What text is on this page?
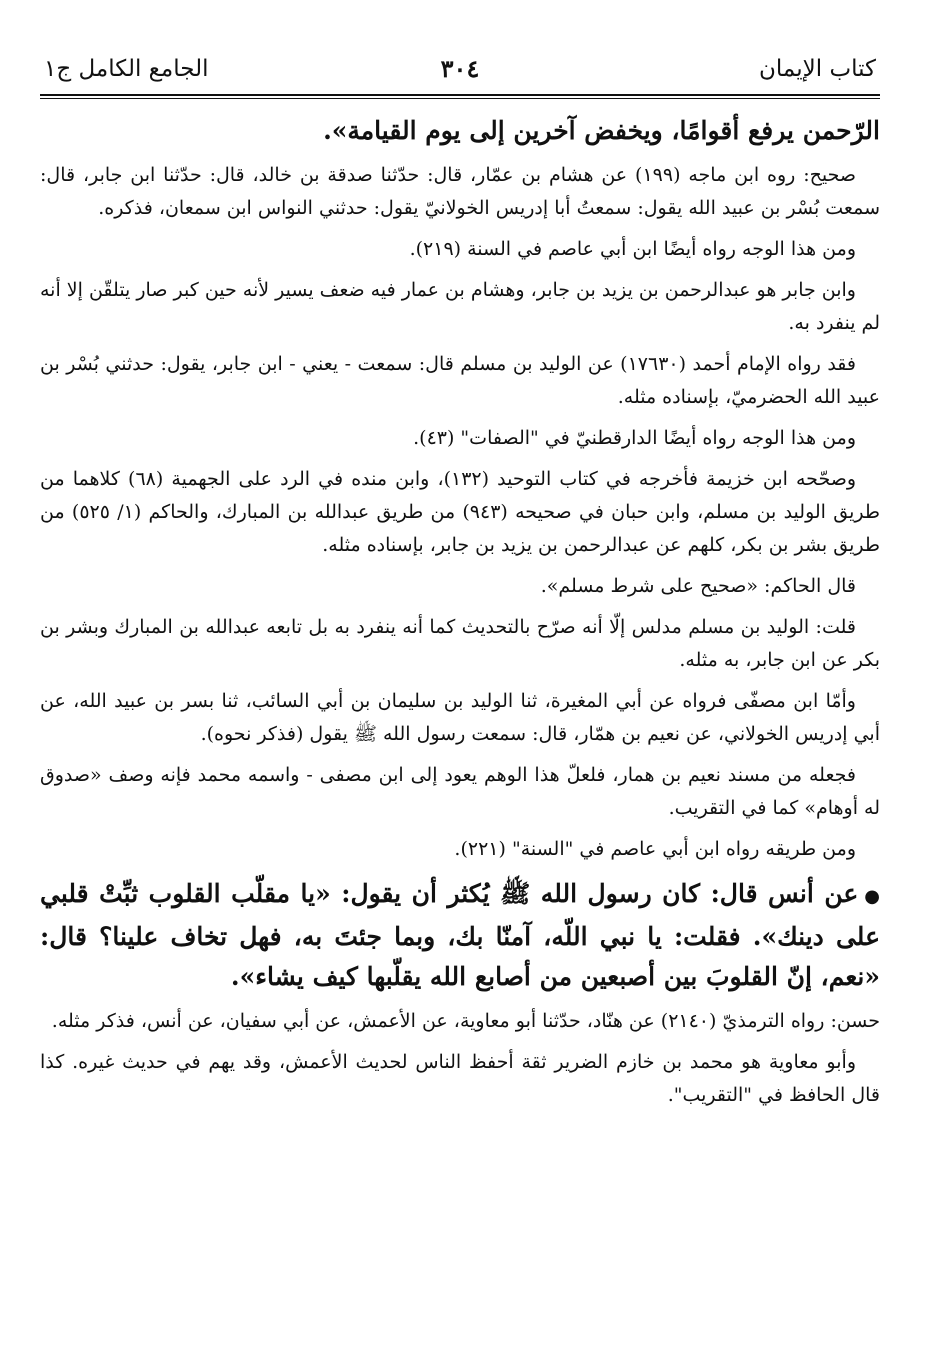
كتاب الإيمان
٣٠٤
الجامع الكامل ج١

الرّحمن يرفع أقوامًا، ويخفض آخرين إلى يوم القيامة».

صحيح: روه ابن ماجه (١٩٩) عن هشام بن عمّار، قال: حدّثنا صدقة بن خالد، قال: حدّثنا ابن جابر، قال: سمعت بُسْر بن عبيد الله يقول: سمعتُ أبا إدريس الخولانيّ يقول: حدثني النواس ابن سمعان، فذكره.

ومن هذا الوجه رواه أيضًا ابن أبي عاصم في السنة (٢١٩).

وابن جابر هو عبدالرحمن بن يزيد بن جابر، وهشام بن عمار فيه ضعف يسير لأنه حين كبر صار يتلقّن إلا أنه لم ينفرد به.

فقد رواه الإمام أحمد (١٧٦٣٠) عن الوليد بن مسلم قال: سمعت - يعني - ابن جابر، يقول: حدثني بُسْر بن عبيد الله الحضرميّ، بإسناده مثله.

ومن هذا الوجه رواه أيضًا الدارقطنيّ في "الصفات" (٤٣).

وصحّحه ابن خزيمة فأخرجه في كتاب التوحيد (١٣٢)، وابن منده في الرد على الجهمية (٦٨) كلاهما من طريق الوليد بن مسلم، وابن حبان في صحيحه (٩٤٣) من طريق عبدالله بن المبارك، والحاكم (١/ ٥٢٥) من طريق بشر بن بكر، كلهم عن عبدالرحمن بن يزيد بن جابر، بإسناده مثله.

قال الحاكم: «صحيح على شرط مسلم».

قلت: الوليد بن مسلم مدلس إلّا أنه صرّح بالتحديث كما أنه ينفرد به بل تابعه عبدالله بن المبارك وبشر بن بكر عن ابن جابر، به مثله.

وأمّا ابن مصفّى فرواه عن أبي المغيرة، ثنا الوليد بن سليمان بن أبي السائب، ثنا بسر بن عبيد الله، عن أبي إدريس الخولاني، عن نعيم بن همّار، قال: سمعت رسول الله ﷺ يقول (فذكر نحوه).

فجعله من مسند نعيم بن همار، فلعلّ هذا الوهم يعود إلى ابن مصفى - واسمه محمد فإنه وصف «صدوق له أوهام» كما في التقريب.

ومن طريقه رواه ابن أبي عاصم في "السنة" (٢٢١).

●عن أنس قال: كان رسول الله ﷺ يُكثر أن يقول: «يا مقلّب القلوب ثبِّتْ قلبي على دينك». فقلت: يا نبي اللّه، آمنّا بك، وبما جئتَ به، فهل تخاف علينا؟ قال: «نعم، إنّ القلوبَ بين أصبعين من أصابع الله يقلّبها كيف يشاء».

حسن: رواه الترمذيّ (٢١٤٠) عن هنّاد، حدّثنا أبو معاوية، عن الأعمش، عن أبي سفيان، عن أنس، فذكر مثله.

وأبو معاوية هو محمد بن خازم الضرير ثقة أحفظ الناس لحديث الأعمش، وقد يهم في حديث غيره. كذا قال الحافظ في "التقريب".
